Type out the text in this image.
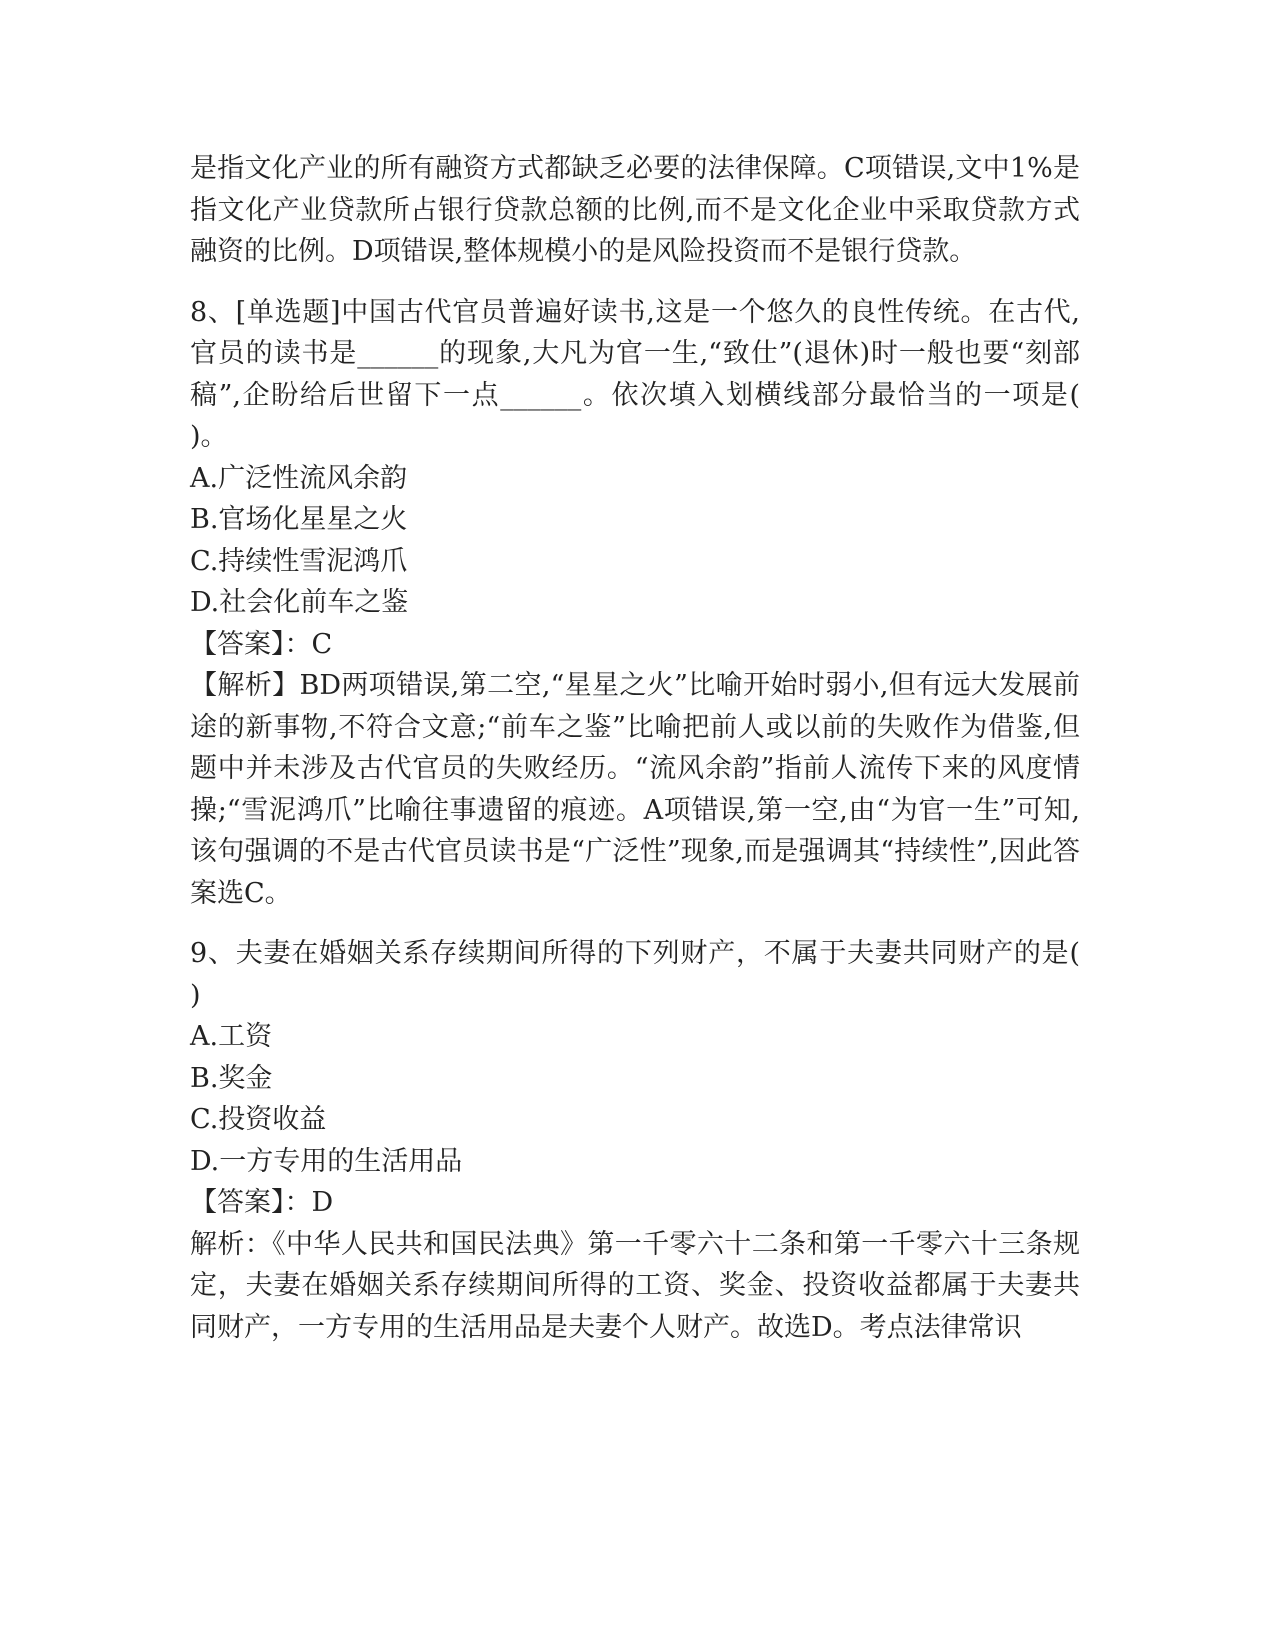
是指文化产业的所有融资方式都缺乏必要的法律保障。C项错误,文中1%是指文化产业贷款所占银行贷款总额的比例,而不是文化企业中采取贷款方式融资的比例。D项错误,整体规模小的是风险投资而不是银行贷款。

8、[单选题]中国古代官员普遍好读书,这是一个悠久的良性传统。在古代,官员的读书是______的现象,大凡为官一生,“致仕”(退休)时一般也要“刻部稿”,企盼给后世留下一点______。依次填入划横线部分最恰当的一项是(   )。

A.广泛性流风余韵

B.官场化星星之火

C.持续性雪泥鸿爪

D.社会化前车之鉴

【答案】：C

【解析】BD两项错误,第二空,“星星之火”比喻开始时弱小,但有远大发展前途的新事物,不符合文意;“前车之鉴”比喻把前人或以前的失败作为借鉴,但题中并未涉及古代官员的失败经历。“流风余韵”指前人流传下来的风度情操;“雪泥鸿爪”比喻往事遗留的痕迹。A项错误,第一空,由“为官一生”可知,该句强调的不是古代官员读书是“广泛性”现象,而是强调其“持续性”,因此答案选C。

9、夫妻在婚姻关系存续期间所得的下列财产，不属于夫妻共同财产的是(　　)

A.工资

B.奖金

C.投资收益

D.一方专用的生活用品

【答案】：D

解析：《中华人民共和国民法典》第一千零六十二条和第一千零六十三条规定，夫妻在婚姻关系存续期间所得的工资、奖金、投资收益都属于夫妻共同财产，一方专用的生活用品是夫妻个人财产。故选D。考点法律常识
